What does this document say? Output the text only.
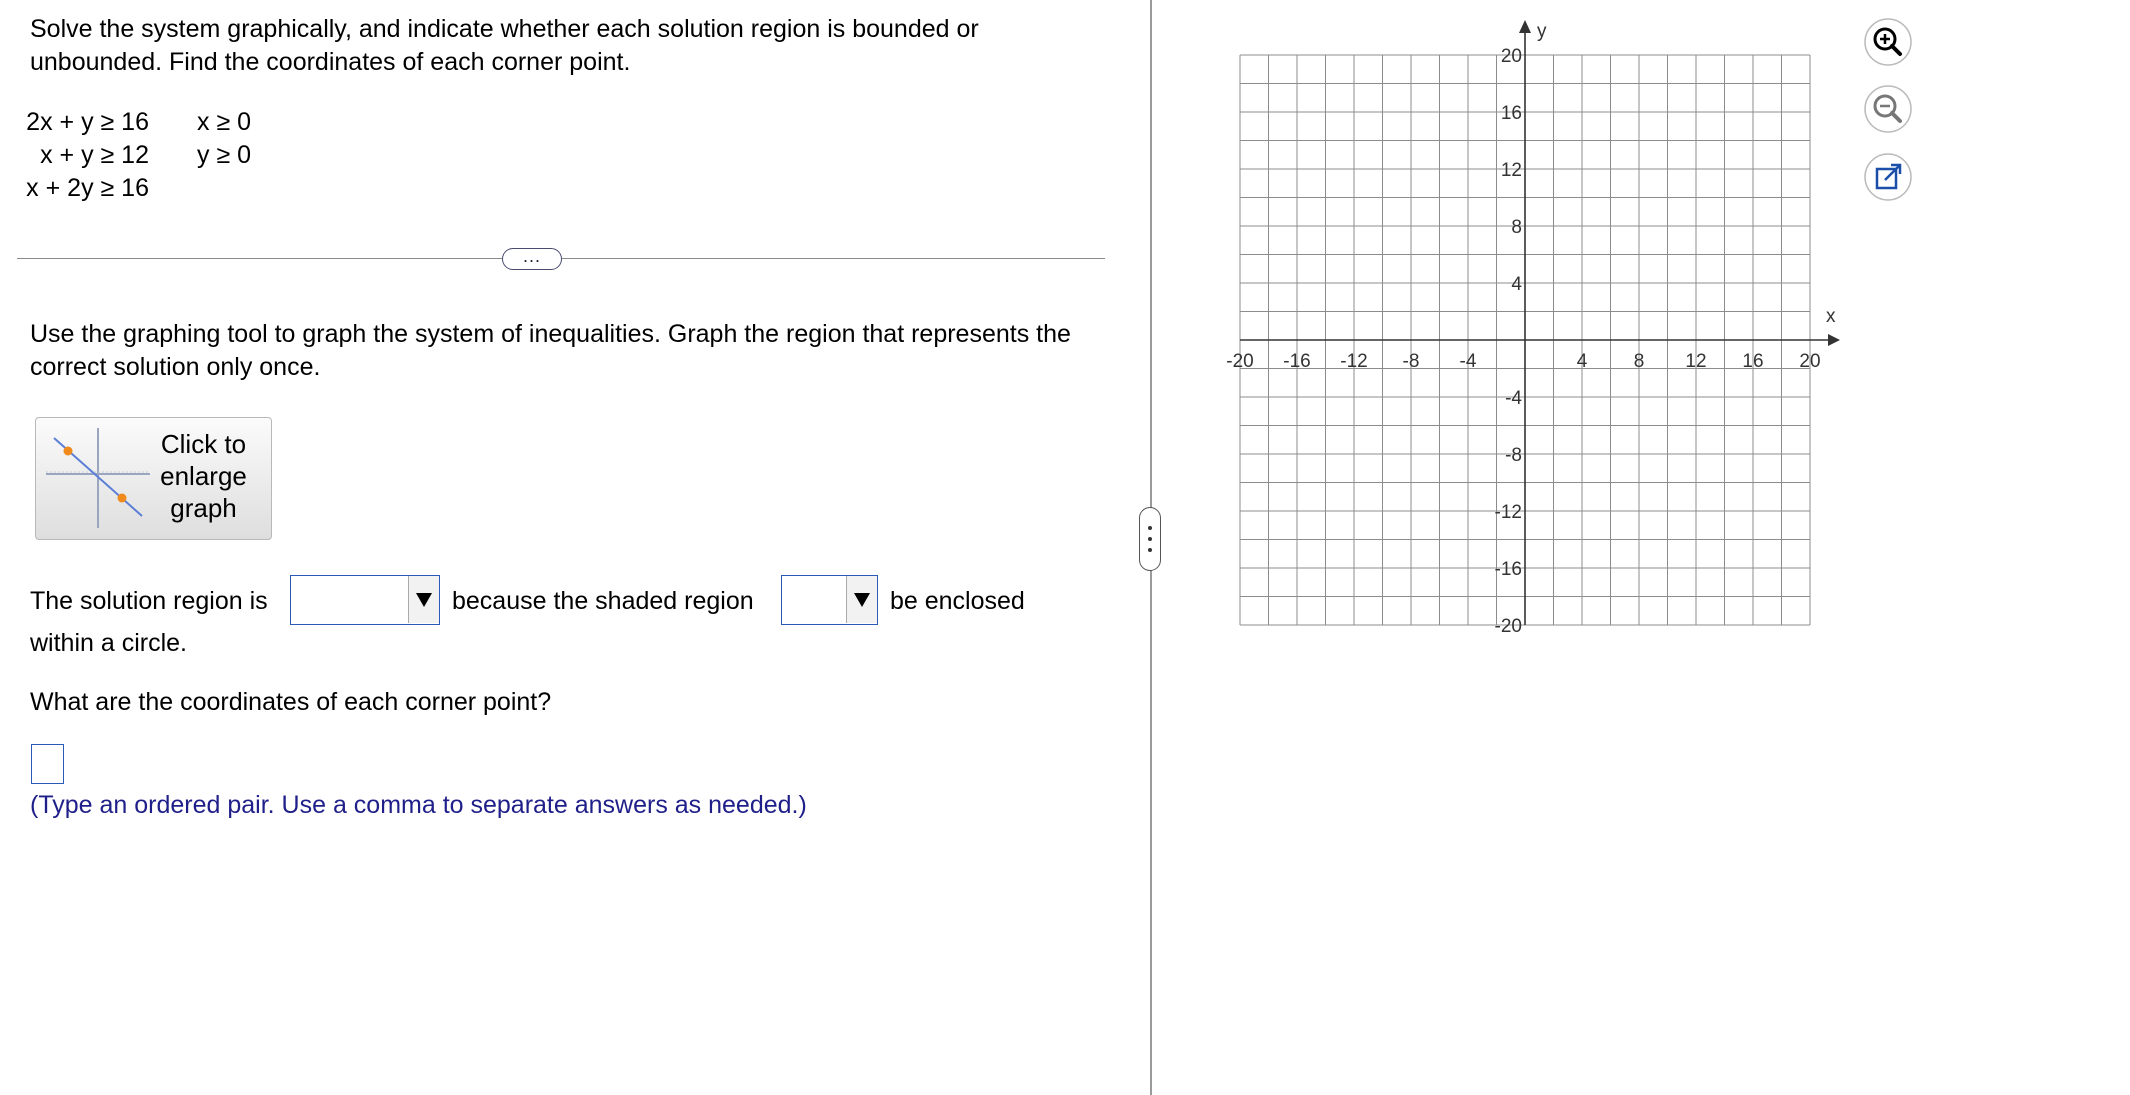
Solve the system graphically, and indicate whether each solution region is bounded or unbounded. Find the coordinates of each corner point.

2x + y ≥ 16 x ≥ 0
x + y ≥ 12 y ≥ 0
x + 2y ≥ 16
...

Use the graphing tool to graph the system of inequalities. Graph the region that represents the correct solution only once.

Click to
enlarge
graph
The solution region is	because the shaded region	be enclosed
within a circle.
What are the coordinates of each corner point?
(Type an ordered pair. Use a comma to separate answers as needed.)
x
y
-20 -16 -12 -8 -4	4 8 12 16 20
20
16
12
8
4
-4
-8
-12
-16
-20
